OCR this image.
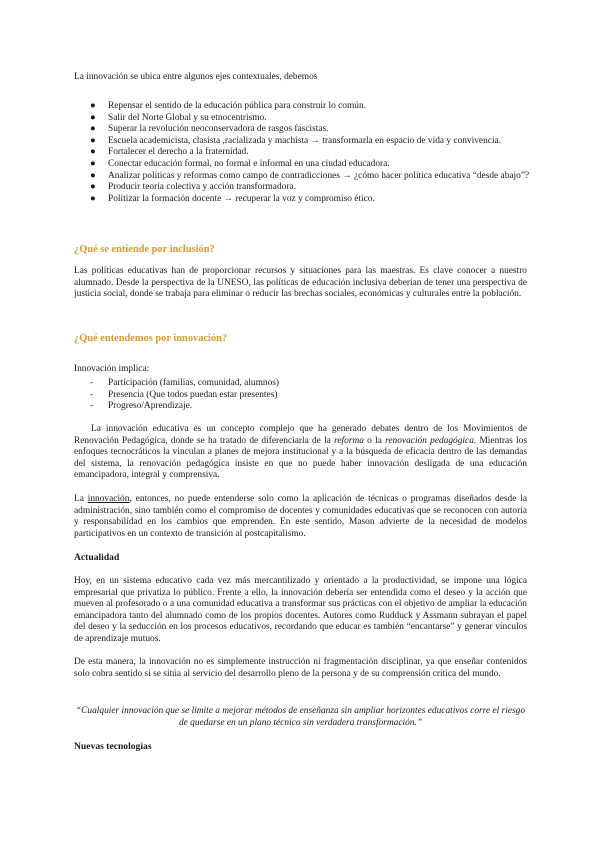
La innovación se ubica entre algunos ejes contextuales, debemos
● Repensar el sentido de la educación pública para construir lo común.
● Salir del Norte Global y su etnocentrismo.
● Superar la revolución neoconservadora de rasgos fascistas.
● Escuela academicista, clasista ,racializada y machista → transformarla en espacio de vida y convivencia.
● Fortalecer el derecho a la fraternidad.
● Conectar educación formal, no formal e informal en una ciudad educadora.
● Analizar políticas y reformas como campo de contradicciones → ¿cómo hacer política educativa “desde abajo”?
● Producir teoría colectiva y acción transformadora.
● Politizar la formación docente → recuperar la voz y compromiso ético.
¿Qué se entiende por inclusión?

Las políticas educativas han de proporcionar recursos y situaciones para las maestras. Es clave conocer a nuestro alumnado. Desde la perspectiva de la UNESO, las políticas de educación inclusiva deberían de tener una perspectiva de justicia social, donde se trabaja para eliminar o reducir las brechas sociales, económicas y culturales entre la población.

¿Qué entendemos por innovación?

Innovación implica:

- Participación (familias, comunidad, alumnos)
- Presencia (Que todos puedan estar presentes)
- Progreso/Aprendizaje.

La innovación educativa es un concepto complejo que ha generado debates dentro de los Movimientos de Renovación Pedagógica, donde se ha tratado de diferenciarla de la reforma o la renovación pedagógica. Mientras los enfoques tecnocráticos la vinculan a planes de mejora institucional y a la búsqueda de eficacia dentro de las demandas del sistema, la renovación pedagógica insiste en que no puede haber innovación desligada de una educación emancipadora, integral y comprensiva.

La innovación, entonces, no puede entenderse solo como la aplicación de técnicas o programas diseñados desde la administración, sino también como el compromiso de docentes y comunidades educativas que se reconocen con autoría y responsabilidad en los cambios que emprenden. En este sentido, Mason advierte de la necesidad de modelos participativos en un contexto de transición al postcapitalismo.

Actualidad

Hoy, en un sistema educativo cada vez más mercantilizado y orientado a la productividad, se impone una lógica empresarial que privatiza lo público. Frente a ello, la innovación debería ser entendida como el deseo y la acción que mueven al profesorado o a una comunidad educativa a transformar sus prácticas con el objetivo de ampliar la educación emancipadora tanto del alumnado como de los propios docentes. Autores como Rudduck y Assmann subrayan el papel del deseo y la seducción en los procesos educativos, recordando que educar es también “encantarse” y generar vínculos de aprendizaje mutuos.

De esta manera, la innovación no es simplemente instrucción ni fragmentación disciplinar, ya que enseñar contenidos solo cobra sentido si se sitúa al servicio del desarrollo pleno de la persona y de su comprensión crítica del mundo.

“Cualquier innovación que se limite a mejorar métodos de enseñanza sin ampliar horizontes educativos corre el riesgo de quedarse en un plano técnico sin verdadera transformación.”
Nuevas tecnologías
